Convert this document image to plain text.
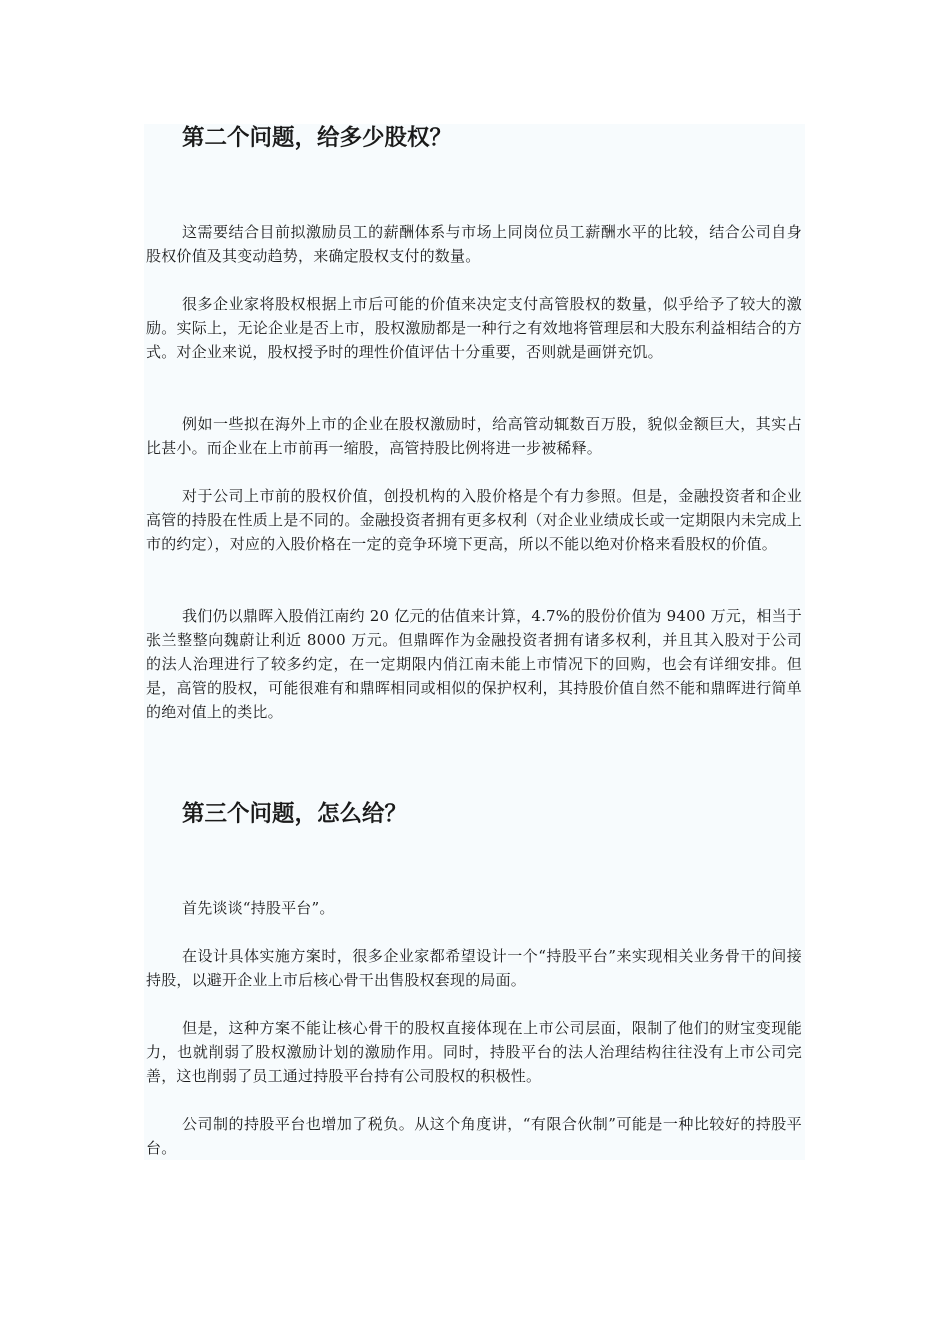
第二个问题，给多少股权？

这需要结合目前拟激励员工的薪酬体系与市场上同岗位员工薪酬水平的比较，结合公司自身股权价值及其变动趋势，来确定股权支付的数量。

很多企业家将股权根据上市后可能的价值来决定支付高管股权的数量，似乎给予了较大的激励。实际上，无论企业是否上市，股权激励都是一种行之有效地将管理层和大股东利益相结合的方式。对企业来说，股权授予时的理性价值评估十分重要，否则就是画饼充饥。

例如一些拟在海外上市的企业在股权激励时，给高管动辄数百万股，貌似金额巨大，其实占比甚小。而企业在上市前再一缩股，高管持股比例将进一步被稀释。

对于公司上市前的股权价值，创投机构的入股价格是个有力参照。但是，金融投资者和企业高管的持股在性质上是不同的。金融投资者拥有更多权利（对企业业绩成长或一定期限内未完成上市的约定），对应的入股价格在一定的竞争环境下更高，所以不能以绝对价格来看股权的价值。

我们仍以鼎晖入股俏江南约 20 亿元的估值来计算，4.7%的股份价值为 9400 万元，相当于张兰整整向魏蔚让利近 8000 万元。但鼎晖作为金融投资者拥有诸多权利，并且其入股对于公司的法人治理进行了较多约定，在一定期限内俏江南未能上市情况下的回购，也会有详细安排。但是，高管的股权，可能很难有和鼎晖相同或相似的保护权利，其持股价值自然不能和鼎晖进行简单的绝对值上的类比。

第三个问题，怎么给？

首先谈谈“持股平台”。

在设计具体实施方案时，很多企业家都希望设计一个“持股平台”来实现相关业务骨干的间接持股，以避开企业上市后核心骨干出售股权套现的局面。

但是，这种方案不能让核心骨干的股权直接体现在上市公司层面，限制了他们的财宝变现能力，也就削弱了股权激励计划的激励作用。同时，持股平台的法人治理结构往往没有上市公司完善，这也削弱了员工通过持股平台持有公司股权的积极性。

公司制的持股平台也增加了税负。从这个角度讲，“有限合伙制”可能是一种比较好的持股平台。
